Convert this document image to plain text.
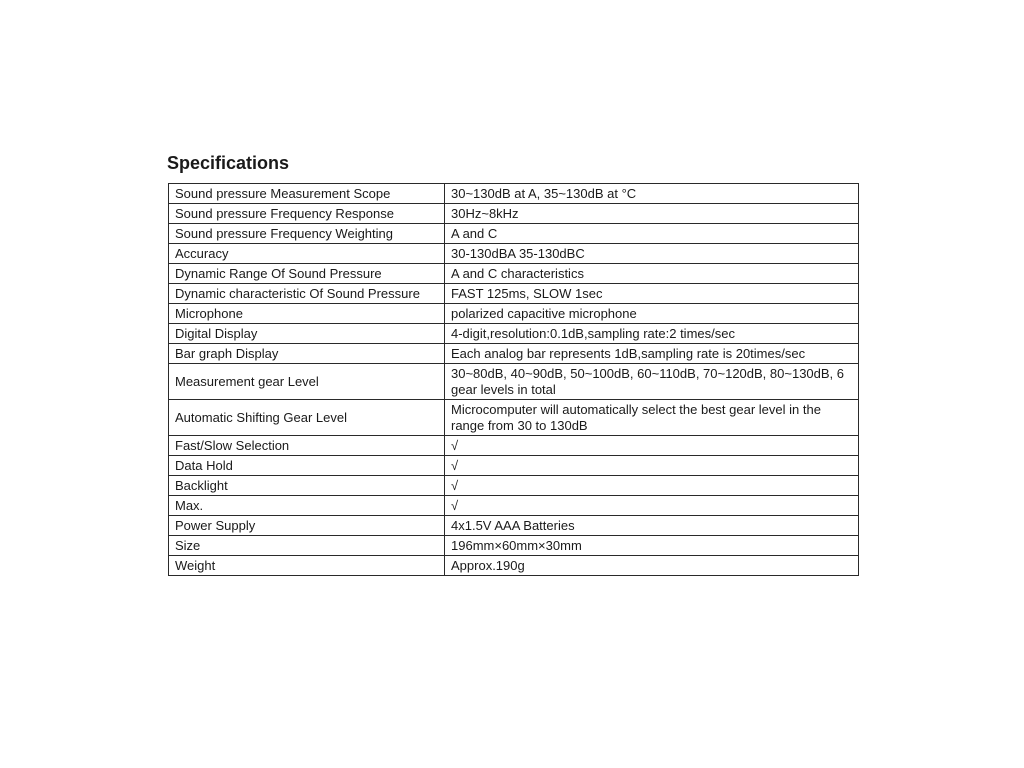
Specifications
Sound pressure Measurement Scope	30~130dB at A, 35~130dB at °C
Sound pressure Frequency Response	30Hz~8kHz
Sound pressure Frequency Weighting	A and C
Accuracy	30-130dBA 35-130dBC
Dynamic Range Of Sound Pressure	A and C characteristics
Dynamic characteristic Of Sound Pressure	FAST 125ms, SLOW 1sec
Microphone	polarized capacitive microphone
Digital Display	4-digit,resolution:0.1dB,sampling rate:2 times/sec
Bar graph Display	Each analog bar represents 1dB,sampling rate is 20times/sec
Measurement gear Level	30~80dB, 40~90dB, 50~100dB, 60~110dB, 70~120dB, 80~130dB, 6 gear levels in total
Automatic Shifting Gear Level	Microcomputer will automatically select the best gear level in the range from 30 to 130dB
Fast/Slow Selection	√
Data Hold	√
Backlight	√
Max.	√
Power Supply	4x1.5V AAA Batteries
Size	196mm×60mm×30mm
Weight	Approx.190g
